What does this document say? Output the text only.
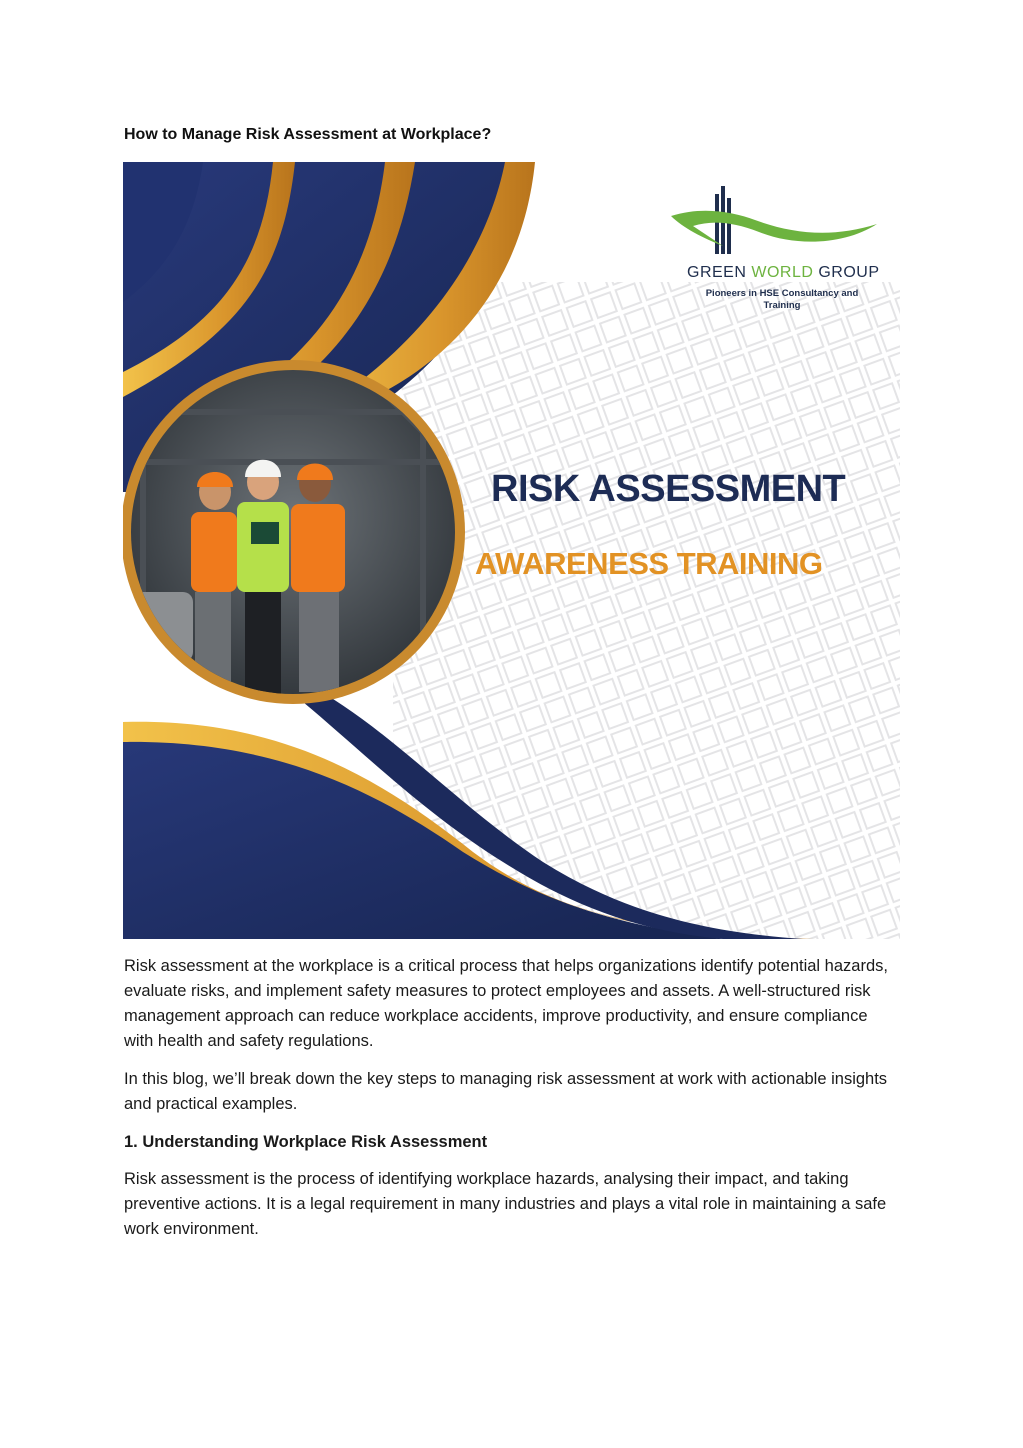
How to Manage Risk Assessment at Workplace?
GREEN WORLD GROUP
Pioneers in HSE Consultancy and Training
RISK ASSESSMENT
AWARENESS TRAINING

Risk assessment at the workplace is a critical process that helps organizations identify potential hazards, evaluate risks, and implement safety measures to protect employees and assets. A well-structured risk management approach can reduce workplace accidents, improve productivity, and ensure compliance with health and safety regulations.

In this blog, we’ll break down the key steps to managing risk assessment at work with actionable insights and practical examples.

1. Understanding Workplace Risk Assessment

Risk assessment is the process of identifying workplace hazards, analysing their impact, and taking preventive actions. It is a legal requirement in many industries and plays a vital role in maintaining a safe work environment.
